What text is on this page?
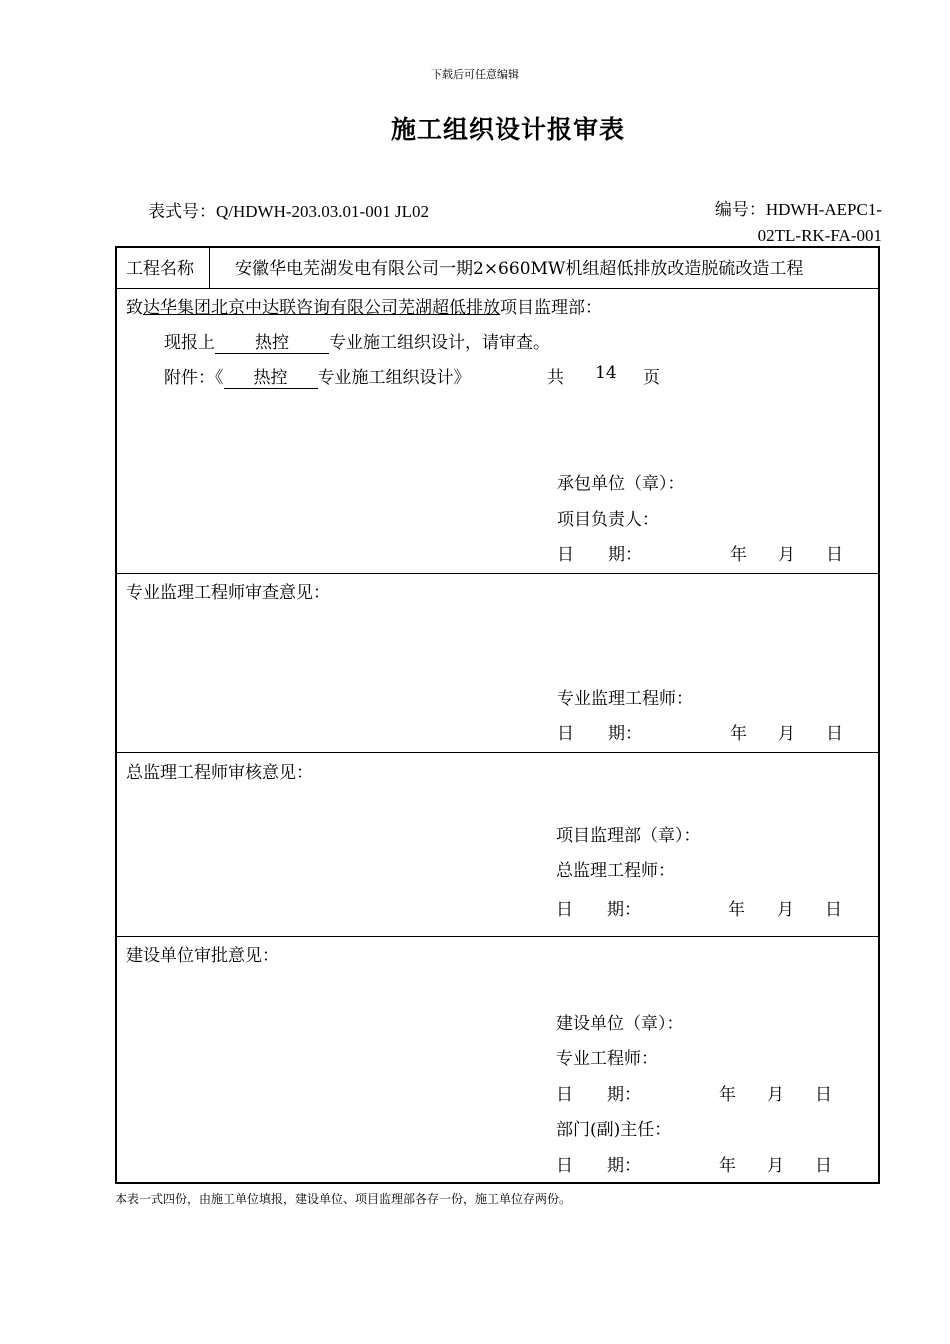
下载后可任意编辑
施工组织设计报审表
表式号：Q/HDWH-203.03.01-001 JL02	编号：HDWH-AEPC1-
02TL-RK-FA-001
工程名称 安徽华电芜湖发电有限公司一期2×660MW机组超低排放改造脱硫改造工程
致达华集团北京中达联咨询有限公司芜湖超低排放项目监理部：
现报上 热控 专业施工组织设计，请审查。
附件：《 热控 专业施工组织设计》	共 14 页
承包单位（章）：
项目负责人：
日　　期：	年 月 日
专业监理工程师审查意见：
专业监理工程师：
日　　期：	年 月 日
总监理工程师审核意见：
项目监理部（章）：
总监理工程师：
日　　期：	年 月 日
建设单位审批意见：
建设单位（章）：
专业工程师：
日　　期：	年 月 日
部门(副)主任：
日　　期：	年 月 日
本表一式四份，由施工单位填报，建设单位、项目监理部各存一份，施工单位存两份。
